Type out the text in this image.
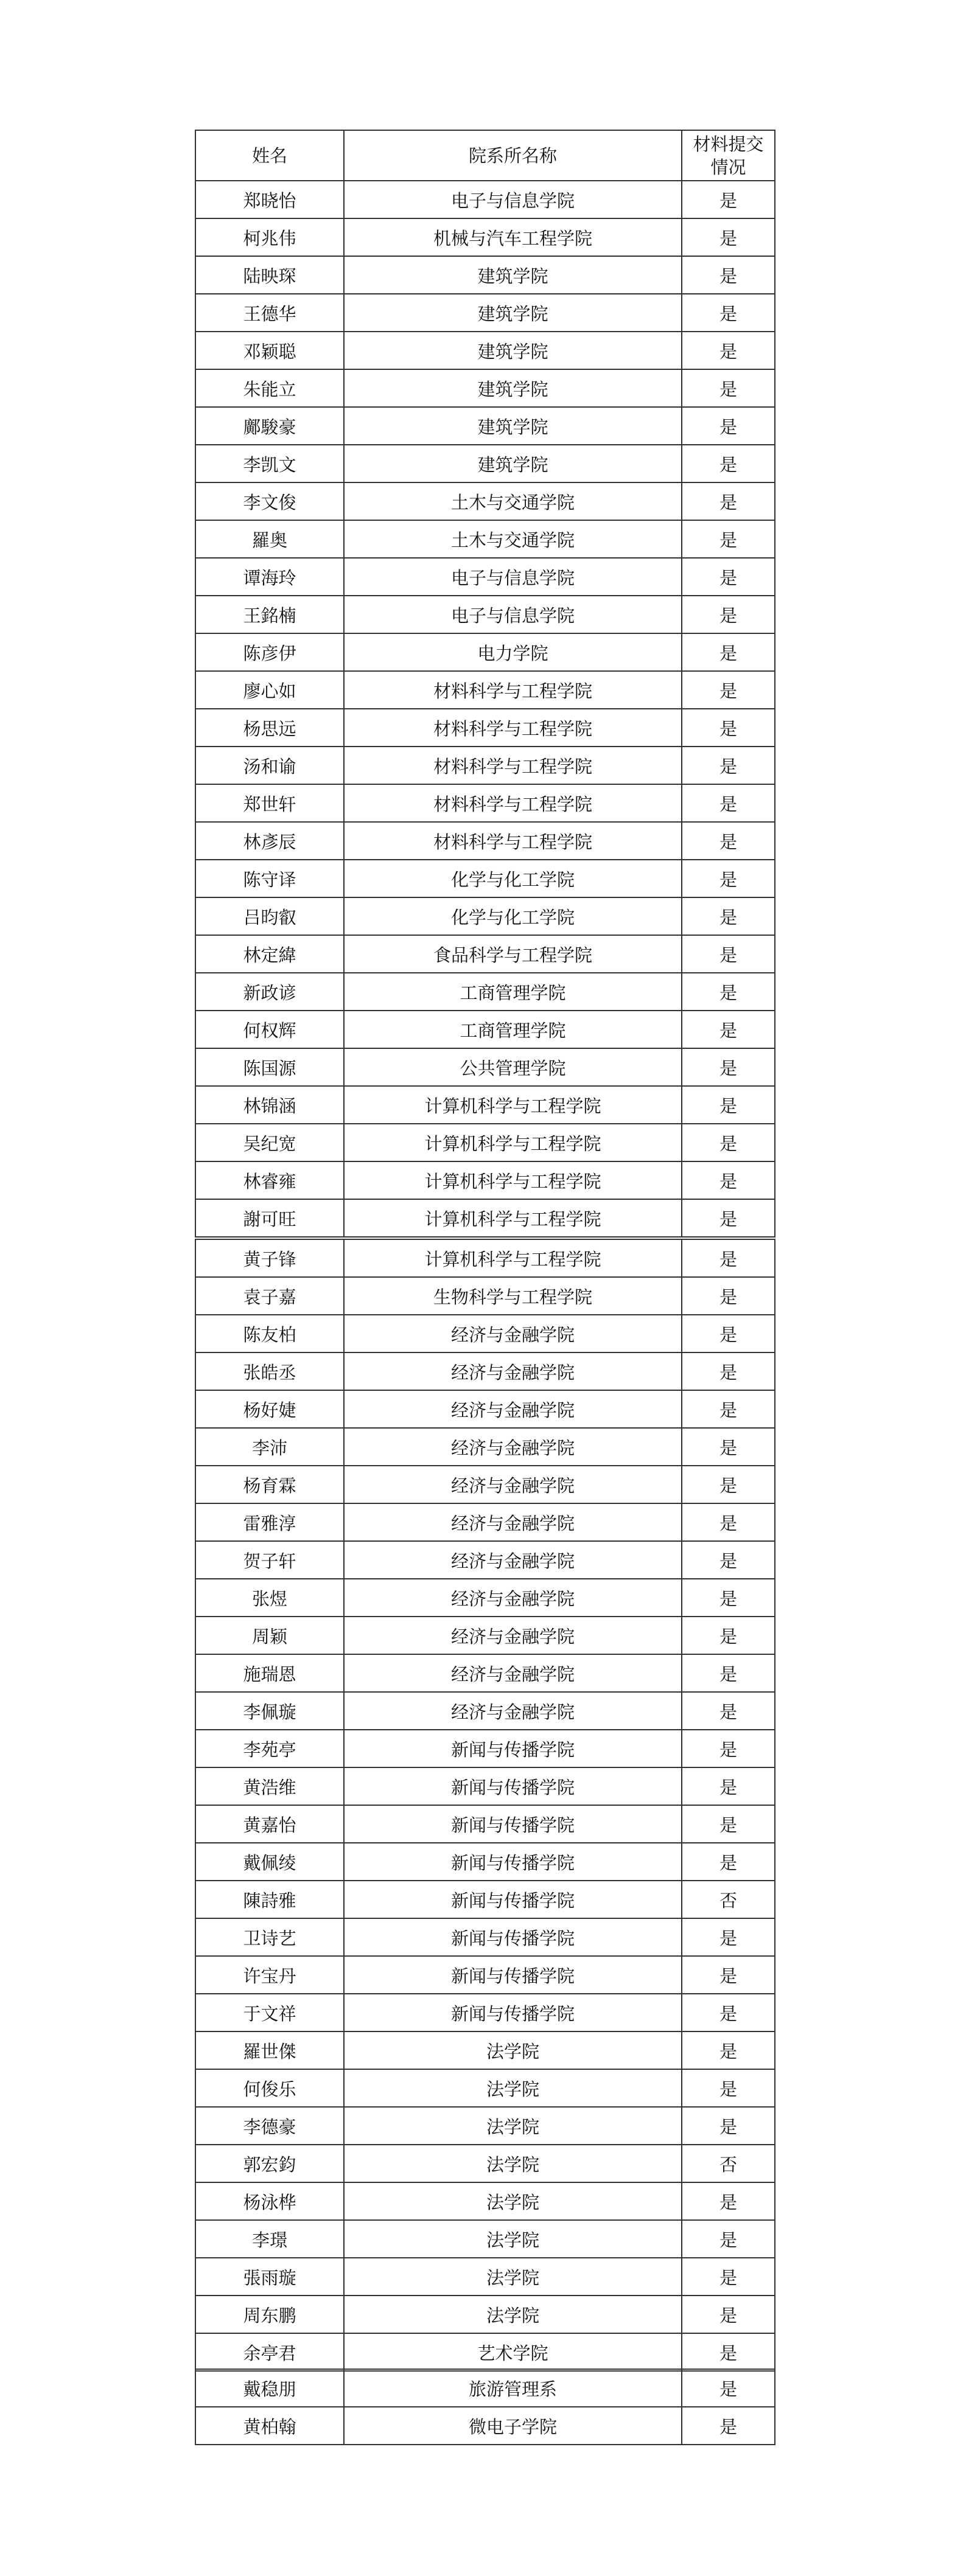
姓名	院系所名称	材料提交
情况
郑晓怡	电子与信息学院	是
柯兆伟	机械与汽车工程学院	是
陆映琛	建筑学院	是
王德华	建筑学院	是
邓颖聪	建筑学院	是
朱能立	建筑学院	是
鄺駿豪	建筑学院	是
李凯文	建筑学院	是
李文俊	土木与交通学院	是
羅奥	土木与交通学院	是
谭海玲	电子与信息学院	是
王銘楠	电子与信息学院	是
陈彦伊	电力学院	是
廖心如	材料科学与工程学院	是
杨思远	材料科学与工程学院	是
汤和谕	材料科学与工程学院	是
郑世轩	材料科学与工程学院	是
林彥辰	材料科学与工程学院	是
陈守译	化学与化工学院	是
吕昀叡	化学与化工学院	是
林定緯	食品科学与工程学院	是
新政谚	工商管理学院	是
何权辉	工商管理学院	是
陈国源	公共管理学院	是
林锦涵	计算机科学与工程学院	是
吴纪宽	计算机科学与工程学院	是
林睿雍	计算机科学与工程学院	是
謝可旺	计算机科学与工程学院	是
黄子锋	计算机科学与工程学院	是
袁子嘉	生物科学与工程学院	是
陈友柏	经济与金融学院	是
张皓丞	经济与金融学院	是
杨好婕	经济与金融学院	是
李沛	经济与金融学院	是
杨育霖	经济与金融学院	是
雷雅淳	经济与金融学院	是
贺子轩	经济与金融学院	是
张煜	经济与金融学院	是
周颖	经济与金融学院	是
施瑞恩	经济与金融学院	是
李佩璇	经济与金融学院	是
李苑亭	新闻与传播学院	是
黄浩维	新闻与传播学院	是
黄嘉怡	新闻与传播学院	是
戴佩绫	新闻与传播学院	是
陳詩雅	新闻与传播学院	否
卫诗艺	新闻与传播学院	是
许宝丹	新闻与传播学院	是
于文祥	新闻与传播学院	是
羅世傑	法学院	是
何俊乐	法学院	是
李德豪	法学院	是
郭宏鈞	法学院	否
杨泳桦	法学院	是
李璟	法学院	是
張雨璇	法学院	是
周东鹏	法学院	是
余亭君	艺术学院	是
戴稳朋	旅游管理系	是
黄柏翰	微电子学院	是
